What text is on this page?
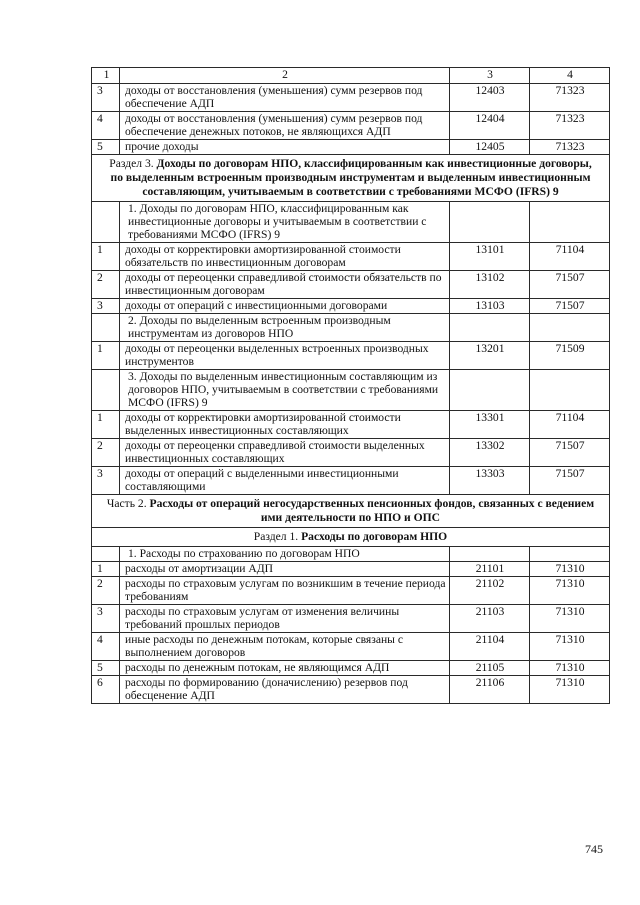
1	2	3	4
3	доходы от восстановления (уменьшения) сумм резервов под обеспечение АДП	12403	71323
4	доходы от восстановления (уменьшения) сумм резервов под обеспечение денежных потоков, не являющихся АДП	12404	71323
5	прочие доходы	12405	71323
Раздел 3. Доходы по договорам НПО, классифицированным как инвестиционные договоры, по выделенным встроенным производным инструментам и выделенным инвестиционным составляющим, учитываемым в соответствии с требованиями МСФО (IFRS) 9			
	1. Доходы по договорам НПО, классифицированным как инвестиционные договоры и учитываемым в соответствии с требованиями МСФО (IFRS) 9		
1	доходы от корректировки амортизированной стоимости обязательств по инвестиционным договорам	13101	71104
2	доходы от переоценки справедливой стоимости обязательств по инвестиционным договорам	13102	71507
3	доходы от операций с инвестиционными договорами	13103	71507
	2. Доходы по выделенным встроенным производным инструментам из договоров НПО		
1	доходы от переоценки выделенных встроенных производных инструментов	13201	71509
	3. Доходы по выделенным инвестиционным составляющим из договоров НПО, учитываемым в соответствии с требованиями МСФО (IFRS) 9		
1	доходы от корректировки амортизированной стоимости выделенных инвестиционных составляющих	13301	71104
2	доходы от переоценки справедливой стоимости выделенных инвестиционных составляющих	13302	71507
3	доходы от операций с выделенными инвестиционными составляющими	13303	71507
Часть 2. Расходы от операций негосударственных пенсионных фондов, связанных с ведением ими деятельности по НПО и ОПС			
Раздел 1. Расходы по договорам НПО			
	1. Расходы по страхованию по договорам НПО		
1	расходы от амортизации АДП	21101	71310
2	расходы по страховым услугам по возникшим в течение периода требованиям	21102	71310
3	расходы по страховым услугам от изменения величины требований прошлых периодов	21103	71310
4	иные расходы по денежным потокам, которые связаны с выполнением договоров	21104	71310
5	расходы по денежным потокам, не являющимся АДП	21105	71310
6	расходы по формированию (доначислению) резервов под обесценение АДП	21106	71310
745
